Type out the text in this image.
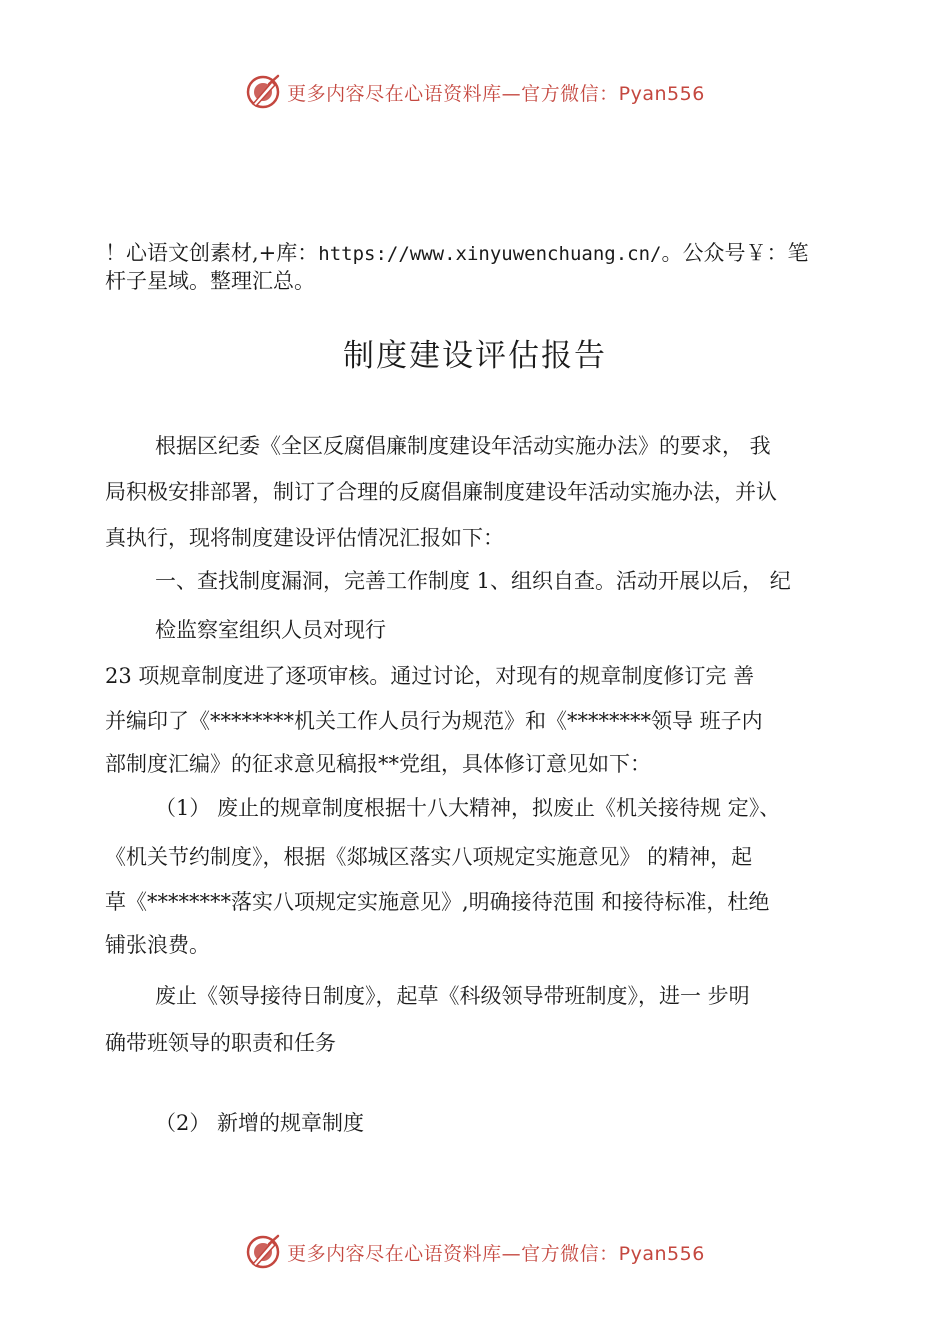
更多内容尽在心语资料库—官方微信：Pyan556
！心语文创素材,+库：https://www.xinyuwenchuang.cn/。公众号￥：笔
杆子星域。整理汇总。
制度建设评估报告
根据区纪委《全区反腐倡廉制度建设年活动实施办法》的要求， 我
局积极安排部署，制订了合理的反腐倡廉制度建设年活动实施办法，并认
真执行，现将制度建设评估情况汇报如下：
一、查找制度漏洞，完善工作制度 1、组织自查。活动开展以后， 纪
检监察室组织人员对现行
23 项规章制度进了逐项审核。通过讨论，对现有的规章制度修订完 善
并编印了《********机关工作人员行为规范》和《********领导 班子内
部制度汇编》的征求意见稿报**党组，具体修订意见如下：
（1） 废止的规章制度根据十八大精神，拟废止《机关接待规 定》、
《机关节约制度》，根据《郯城区落实八项规定实施意见》 的精神，起
草《********落实八项规定实施意见》,明确接待范围 和接待标准，杜绝
铺张浪费。
废止《领导接待日制度》，起草《科级领导带班制度》，进一 步明
确带班领导的职责和任务
（2） 新增的规章制度
更多内容尽在心语资料库—官方微信：Pyan556
